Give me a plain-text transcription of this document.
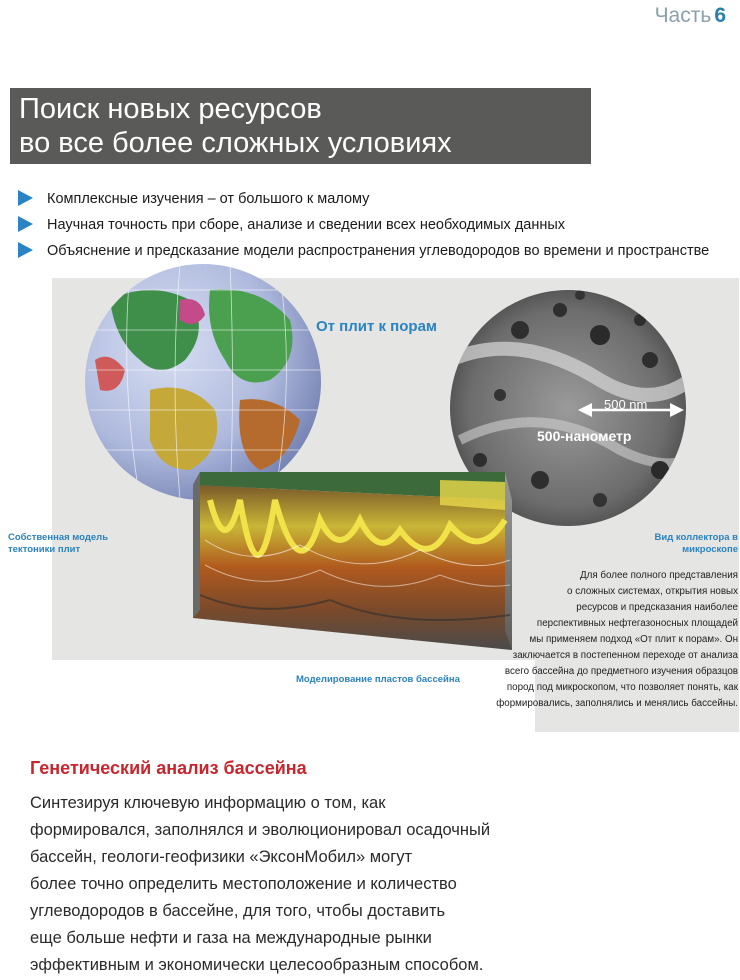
Часть 6
Поиск новых ресурсов
во все более сложных условиях
Комплексные изучения – от большого к малому
Научная точность при сборе, анализе и сведении всех необходимых данных
Объяснение и предсказание модели распространения углеводородов во времени и пространстве
От плит к порам
Собственная модель тектоники плит
Вид коллектора в микроскопе
Моделирование пластов бассейна
500 nm
500-нанометр
Для более полного представления
о сложных системах, открытия новых
ресурсов и предсказания наиболее
перспективных нефтегазоносных площадей
мы применяем подход «От плит к порам». Он
заключается в постепенном переходе от анализа
всего бассейна до предметного изучения образцов
пород под микроскопом, что позволяет понять, как
формировались, заполнялись и менялись бассейны.
Генетический анализ бассейна
Синтезируя ключевую информацию о том, как
формировался, заполнялся и эволюционировал осадочный
бассейн, геологи-геофизики «ЭксонМобил» могут
более точно определить местоположение и количество
углеводородов в бассейне, для того, чтобы доставить
еще больше нефти и газа на международные рынки
эффективным и экономически целесообразным способом.
